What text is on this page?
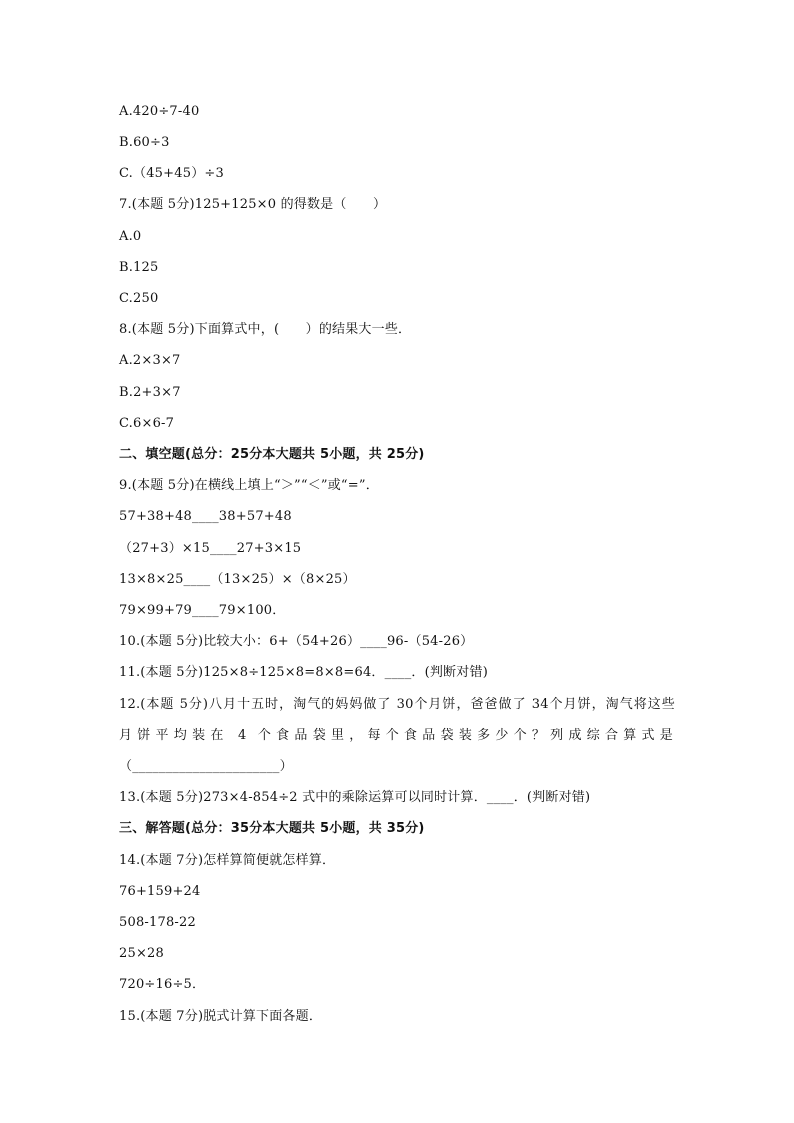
A.420÷7-40
B.60÷3
C.（45+45）÷3
7.(本题 5分)125+125×0 的得数是（　　）
A.0
B.125
C.250
8.(本题 5分)下面算式中，(　　）的结果大一些．
A.2×3×7
B.2+3×7
C.6×6-7
二、填空题(总分：25分本大题共 5小题，共 25分)
9.(本题 5分)在横线上填上“＞”“＜”或“=”．
57+38+48____38+57+48
（27+3）×15____27+3×15
13×8×25____（13×25）×（8×25）
79×99+79____79×100．
10.(本题 5分)比较大小：6+（54+26）____96-（54-26）
11.(本题 5分)125×8÷125×8=8×8=64．____．(判断对错)
12.(本题 5分)八月十五时，淘气的妈妈做了 30个月饼，爸爸做了 34个月饼，淘气将这些
月饼平均装在 4 个食品袋里，每个食品袋装多少个？列成综合算式是
（______________________）
13.(本题 5分)273×4-854÷2 式中的乘除运算可以同时计算．____．(判断对错)
三、解答题(总分：35分本大题共 5小题，共 35分)
14.(本题 7分)怎样算简便就怎样算．
76+159+24
508-178-22
25×28
720÷16÷5．
15.(本题 7分)脱式计算下面各题．
